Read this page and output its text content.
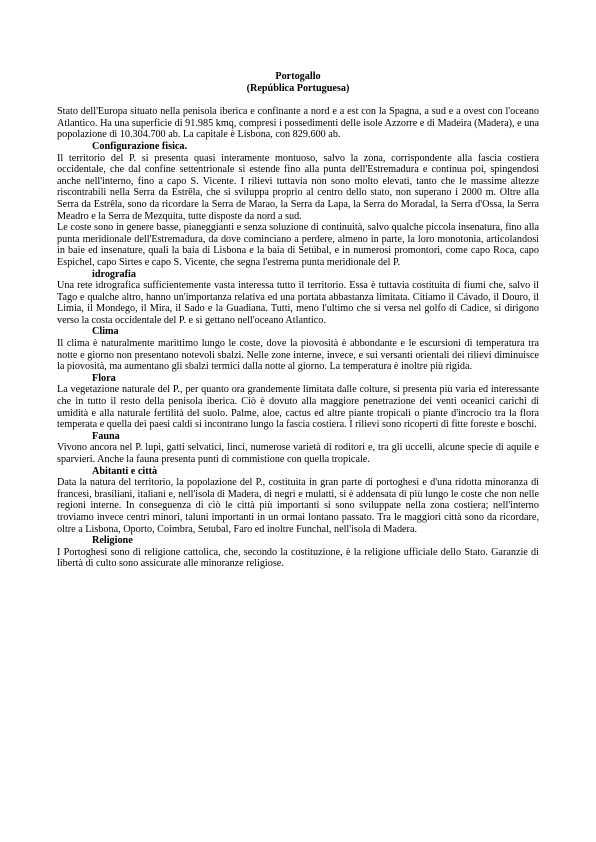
Portogallo

(República Portuguesa)

Stato dell'Europa situato nella penisola iberica e confinante a nord e a est con la Spagna, a sud e a ovest con l'oceano Atlantico. Ha una superficie di 91.985 kmq, compresi i possedimenti delle isole Azzorre e di Madeira (Madera), e una popolazione di 10.304.700 ab. La capitale è Lisbona, con 829.600 ab.

Configurazione fisica.

Il territorio del P. si presenta quasi interamente montuoso, salvo la zona, corrispondente alla fascia costiera occidentale, che dal confine settentrionale si estende fino alla punta dell'Estremadura e continua poi, spingendosi anche nell'interno, fino a capo S. Vicente. I rilievi tuttavia non sono molto elevati, tanto che le massime altezze riscontrabili nella Serra da Estrêla, che si sviluppa proprio al centro dello stato, non superano i 2000 m. Oltre alla Serra da Estrêla, sono da ricordare la Serra de Marao, la Serra da Lapa, la Serra do Moradal, la Serra d'Ossa, la Serra Meadro e la Serra de Mezquita, tutte disposte da nord a sud.

Le coste sono in genere basse, pianeggianti e senza soluzione di continuità, salvo qualche piccola insenatura, fino alla punta meridionale dell'Estremadura, da dove cominciano a perdere, almeno in parte, la loro monotonia, articolandosi in baie ed insenature, quali la baia di Lisbona e la baia di Setúbal, e in numerosi promontori, come capo Roca, capo Espichel, capo Sirtes e capo S. Vicente, che segna l'estrema punta meridionale del P.

idrografia

Una rete idrografica sufficientemente vasta interessa tutto il territorio. Essa è tuttavia costituita di fiumi che, salvo il Tago e qualche altro, hanno un'importanza relativa ed una portata abbastanza limitata. Citiamo il Cávado, il Douro, il Limia, il Mondego, il Mira, il Sado e la Guadiana. Tutti, meno l'ultimo che si versa nel golfo di Cadice, si dirigono verso la costa occidentale del P. e si gettano nell'oceano Atlantico.

Clima

Il clima è naturalmente marittimo lungo le coste, dove la piovosità è abbondante e le escursioni di temperatura tra notte e giorno non presentano notevoli sbalzi. Nelle zone interne, invece, e sui versanti orientali dei rilievi diminuisce la piovosità, ma aumentano gli sbalzi termici dalla notte al giorno. La temperatura è inoltre più rigida.

Flora

La vegetazione naturale del P., per quanto ora grandemente limitata dalle colture, si presenta più varia ed interessante che in tutto il resto della penisola iberica. Ciò è dovuto alla maggiore penetrazione dei venti oceanici carichi di umidità e alla naturale fertilità del suolo. Palme, aloe, cactus ed altre piante tropicali o piante d'incrocio tra la flora temperata e quella dei paesi caldi si incontrano lungo la fascia costiera. I rilievi sono ricoperti di fitte foreste e boschi.

Fauna

Vivono ancora nel P. lupi, gatti selvatici, linci, numerose varietà di roditori e, tra gli uccelli, alcune specie di aquile e sparvieri. Anche la fauna presenta punti di commistione con quella tropicale.

Abitanti e città

Data la natura del territorio, la popolazione del P., costituita in gran parte di portoghesi e d'una ridotta minoranza di francesi, brasiliani, italiani e, nell'isola di Madera, di negri e mulatti, si è addensata di più lungo le coste che non nelle regioni interne. In conseguenza di ciò le città più importanti si sono sviluppate nella zona costiera; nell'interno troviamo invece centri minori, taluni importanti in un ormai lontano passato. Tra le maggiori città sono da ricordare, oltre a Lisbona, Oporto, Coimbra, Setubal, Faro ed inoltre Funchal, nell'isola di Madera.

Religione

I Portoghesi sono di religione cattolica, che, secondo la costituzione, è la religione ufficiale dello Stato. Garanzie di libertà di culto sono assicurate alle minoranze religiose.
